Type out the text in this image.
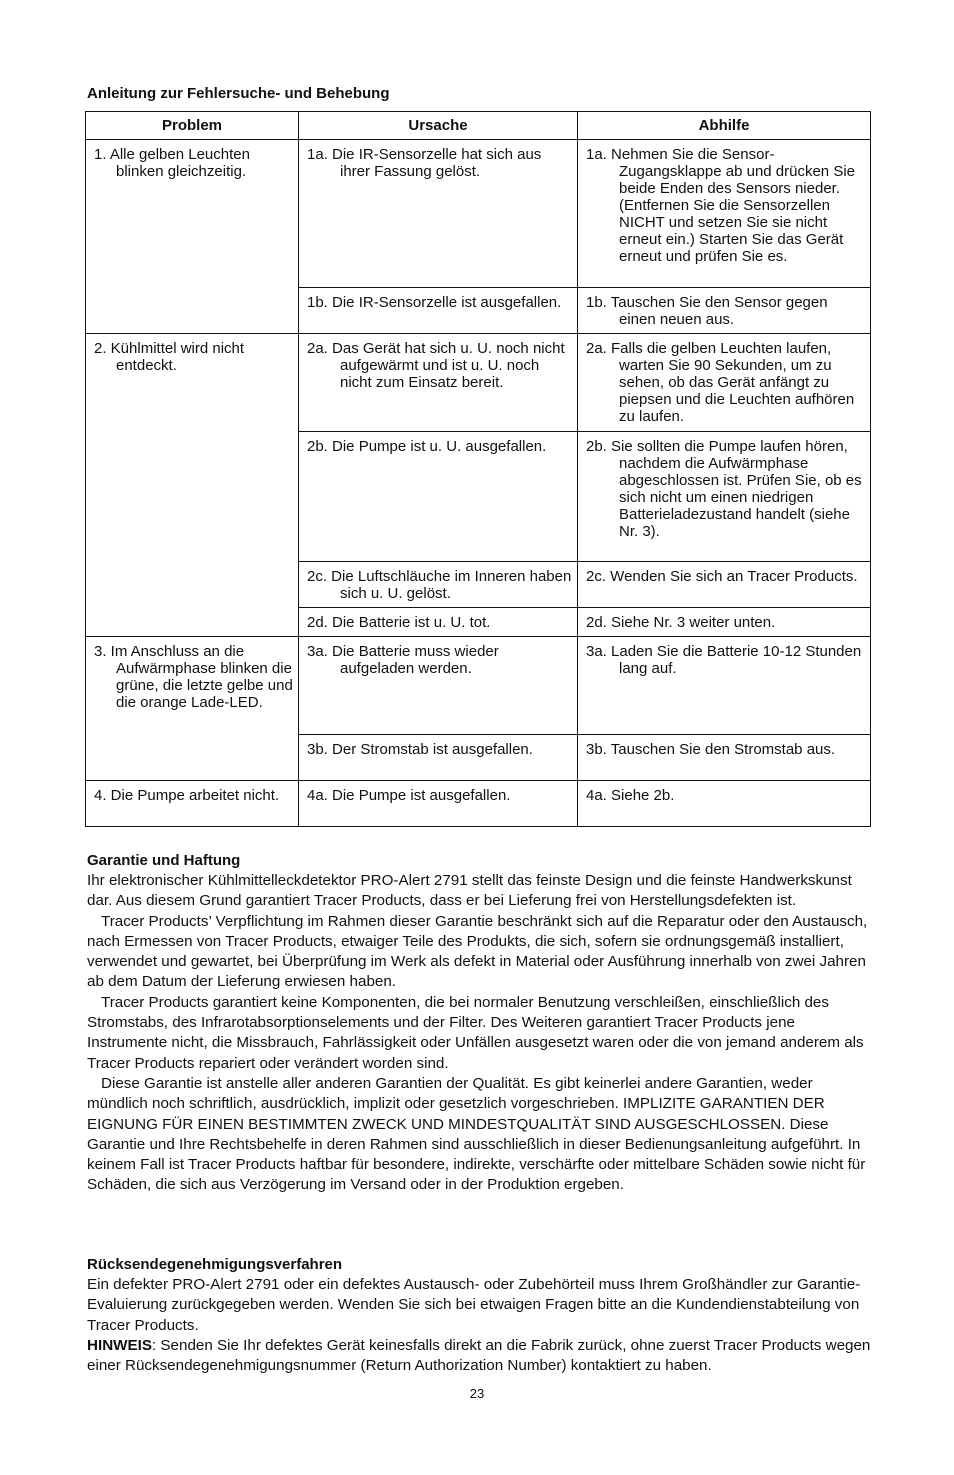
Anleitung zur Fehlersuche- und Behebung
Problem	Ursache	Abhilfe

1. Alle gelben Leuchten blinken gleichzeitig.	1a. Die IR-Sensorzelle hat sich aus ihrer Fassung gelöst.	1a. Nehmen Sie die Sensor-Zugangsklappe ab und drücken Sie beide Enden des Sensors nieder. (Entfernen Sie die Sensorzellen NICHT und setzen Sie sie nicht erneut ein.) Starten Sie das Gerät erneut und prüfen Sie es.

	1b. Die IR-Sensorzelle ist ausgefallen.	1b. Tauschen Sie den Sensor gegen einen neuen aus.

2. Kühlmittel wird nicht entdeckt.	2a. Das Gerät hat sich u. U. noch nicht aufgewärmt und ist u. U. noch nicht zum Einsatz bereit.	2a. Falls die gelben Leuchten laufen, warten Sie 90 Sekunden, um zu sehen, ob das Gerät anfängt zu piepsen und die Leuchten aufhören zu laufen.

	2b. Die Pumpe ist u. U. ausgefallen.	2b. Sie sollten die Pumpe laufen hören, nachdem die Aufwärmphase abgeschlossen ist. Prüfen Sie, ob es sich nicht um einen niedrigen Batterieladezustand handelt (siehe Nr. 3).

	2c. Die Luftschläuche im Inneren haben sich u. U. gelöst.	2c. Wenden Sie sich an Tracer Products.

	2d. Die Batterie ist u. U. tot.	2d. Siehe Nr. 3 weiter unten.

3. Im Anschluss an die Aufwärmphase blinken die grüne, die letzte gelbe und die orange Lade-LED.	3a. Die Batterie muss wieder aufgeladen werden.	3a. Laden Sie die Batterie 10-12 Stunden lang auf.

	3b. Der Stromstab ist ausgefallen.	3b. Tauschen Sie den Stromstab aus.

4. Die Pumpe arbeitet nicht.	4a. Die Pumpe ist ausgefallen.	4a. Siehe 2b.
Garantie und Haftung

Ihr elektronischer Kühlmittelleckdetektor PRO-Alert 2791 stellt das feinste Design und die feinste Handwerkskunst dar. Aus diesem Grund garantiert Tracer Products, dass er bei Lieferung frei von Herstellungsdefekten ist.

Tracer Products’ Verpflichtung im Rahmen dieser Garantie beschränkt sich auf die Reparatur oder den Austausch, nach Ermessen von Tracer Products, etwaiger Teile des Produkts, die sich, sofern sie ordnungsgemäß installiert, verwendet und gewartet, bei Überprüfung im Werk als defekt in Material oder Ausführung innerhalb von zwei Jahren ab dem Datum der Lieferung erwiesen haben.

Tracer Products garantiert keine Komponenten, die bei normaler Benutzung verschleißen, einschließlich des Stromstabs, des Infrarotabsorptionselements und der Filter. Des Weiteren garantiert Tracer Products jene Instrumente nicht, die Missbrauch, Fahrlässigkeit oder Unfällen ausgesetzt waren oder die von jemand anderem als Tracer Products repariert oder verändert worden sind.

Diese Garantie ist anstelle aller anderen Garantien der Qualität. Es gibt keinerlei andere Garantien, weder mündlich noch schriftlich, ausdrücklich, implizit oder gesetzlich vorgeschrieben. IMPLIZITE GARANTIEN DER EIGNUNG FÜR EINEN BESTIMMTEN ZWECK UND MINDESTQUALITÄT SIND AUSGESCHLOSSEN. Diese Garantie und Ihre Rechtsbehelfe in deren Rahmen sind ausschließlich in dieser Bedienungsanleitung aufgeführt. In keinem Fall ist Tracer Products haftbar für besondere, indirekte, verschärfte oder mittelbare Schäden sowie nicht für Schäden, die sich aus Verzögerung im Versand oder in der Produktion ergeben.

Rücksendegenehmigungsverfahren

Ein defekter PRO-Alert 2791 oder ein defektes Austausch- oder Zubehörteil muss Ihrem Großhändler zur Garantie-Evaluierung zurückgegeben werden. Wenden Sie sich bei etwaigen Fragen bitte an die Kundendienstabteilung von Tracer Products.

HINWEIS: Senden Sie Ihr defektes Gerät keinesfalls direkt an die Fabrik zurück, ohne zuerst Tracer Products wegen einer Rücksendegenehmigungsnummer (Return Authorization Number) kontaktiert zu haben.

23
